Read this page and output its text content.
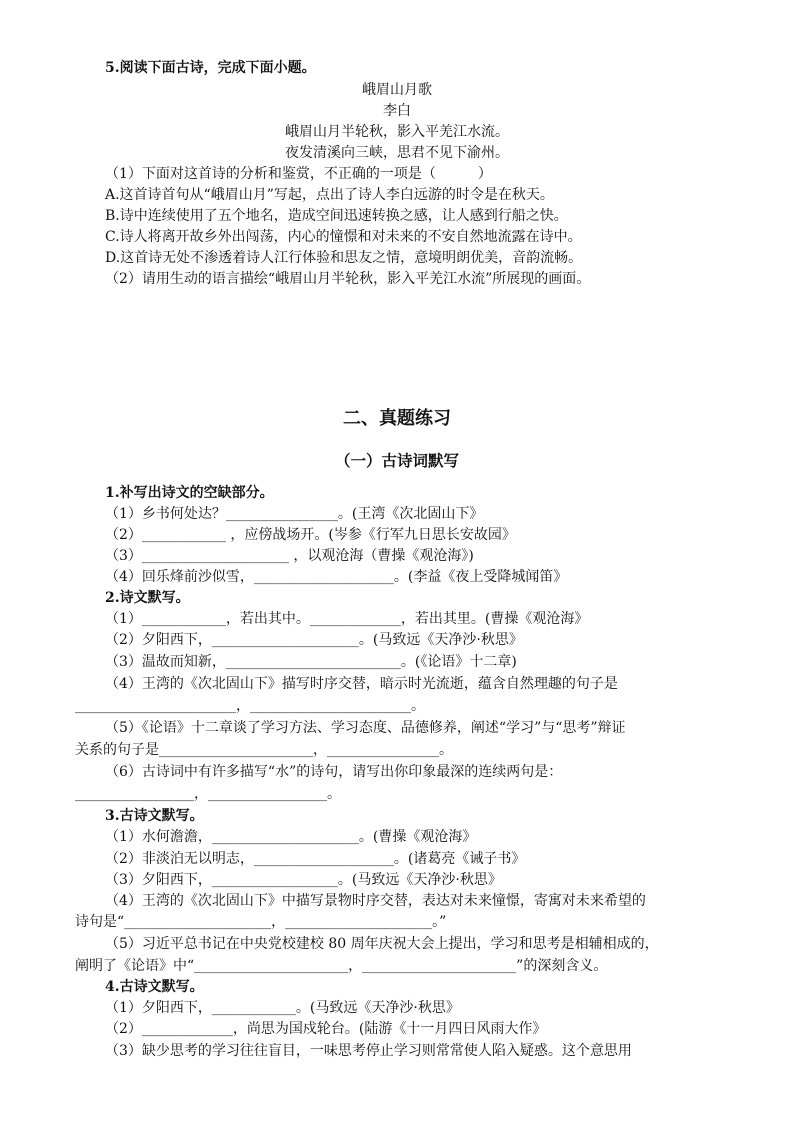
5.阅读下面古诗，完成下面小题。
峨眉山月歌
李白
峨眉山月半轮秋，影入平羌江水流。
夜发清溪向三峡，思君不见下渝州。
（1）下面对这首诗的分析和鉴赏，不正确的一项是（　　　）
A.这首诗首句从“峨眉山月”写起，点出了诗人李白远游的时令是在秋天。
B.诗中连续使用了五个地名，造成空间迅速转换之感，让人感到行船之快。
C.诗人将离开故乡外出闯荡，内心的憧憬和对未来的不安自然地流露在诗中。
D.这首诗无处不渗透着诗人江行体验和思友之情，意境明朗优美，音韵流畅。
（2）请用生动的语言描绘“峨眉山月半轮秋，影入平羌江水流”所展现的画面。
二、真题练习
（一）古诗词默写
1.补写出诗文的空缺部分。
（1）乡书何处达？________________。(王湾《次北固山下》
（2）____________ ，应傍战场开。(岑参《行军九日思长安故园》
（3）_____________________ ，以观沧海（曹操《观沧海》)
（4）回乐烽前沙似雪，____________________。(李益《夜上受降城闻笛》
2.诗文默写。
（1）____________，若出其中。_____________，若出其里。(曹操《观沧海》
（2）夕阳西下，_____________________。(马致远《天净沙·秋思》
（3）温故而知新，_________________________。(《论语》十二章)
（4）王湾的《次北固山下》描写时序交替，暗示时光流逝，蕴含自然理趣的句子是
_______________________，_______________________。
（5）《论语》十二章谈了学习方法、学习态度、品德修养，阐述“学习”与“思考”辩证
关系的句子是______________________，________________。
（6）古诗词中有许多描写“水”的诗句，请写出你印象最深的连续两句是：
_________________，_________________。
3.古诗文默写。
（1）水何澹澹，_____________________。(曹操《观沧海》
（2）非淡泊无以明志，____________________。(诸葛亮《诫子书》
（3）夕阳西下，__________________。(马致远《天净沙·秋思》
（4）王湾的《次北固山下》中描写景物时序交替，表达对未来憧憬，寄寓对未来希望的
诗句是“_____________________，_____________________。”
（5）习近平总书记在中央党校建校 80 周年庆祝大会上提出，学习和思考是相辅相成的，
阐明了《论语》中“______________________，______________________”的深刻含义。
4.古诗文默写。
（1）夕阳西下，____________。(马致远《天净沙·秋思》
（2）_____________，尚思为国戍轮台。(陆游《十一月四日风雨大作》
（3）缺少思考的学习往往盲目，一味思考停止学习则常常使人陷入疑惑。这个意思用
